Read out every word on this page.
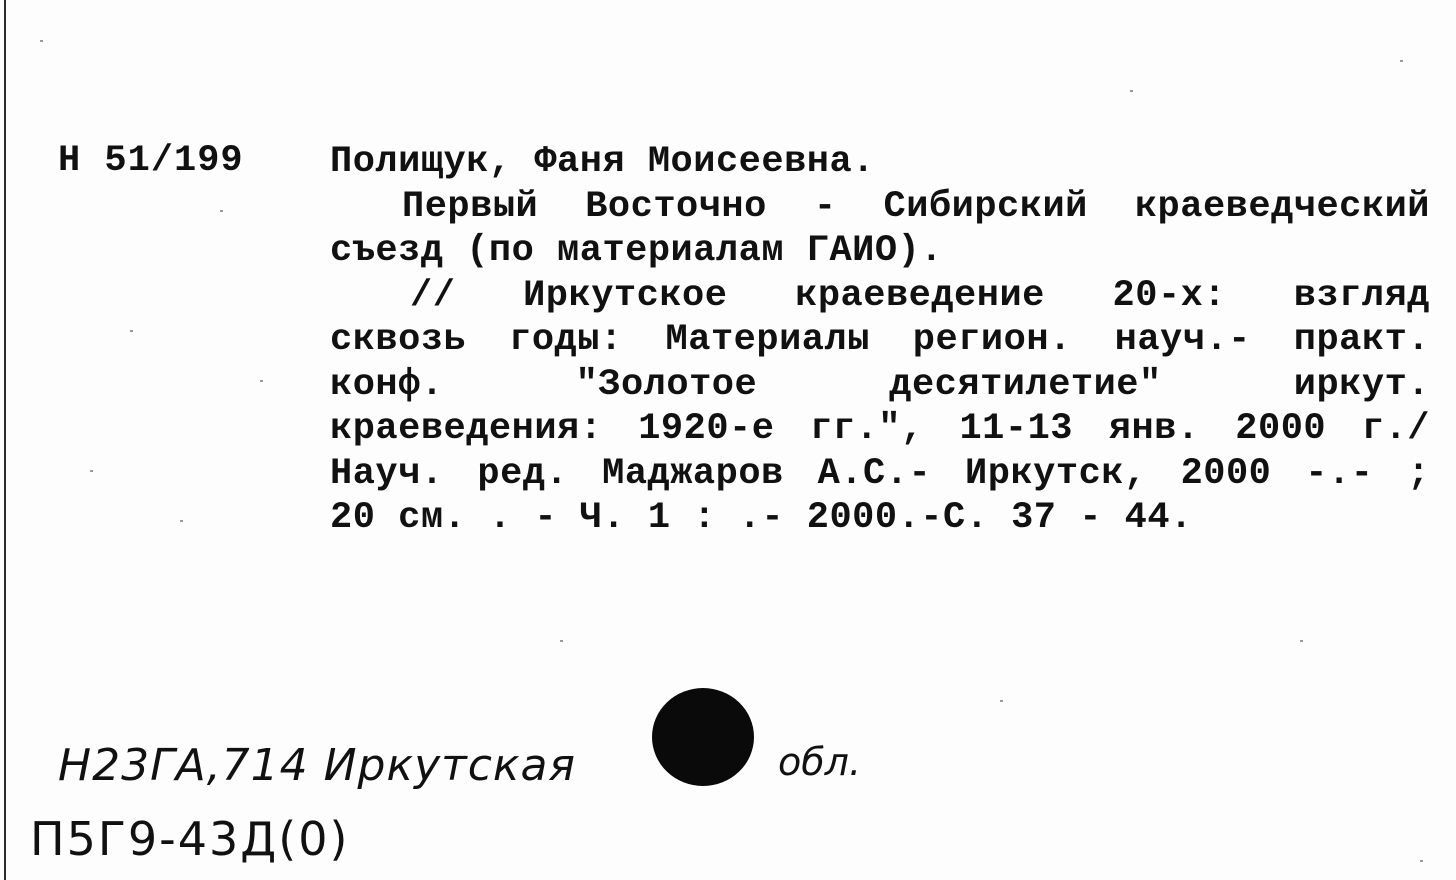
Н 51/199 Полищук, Фаня Моисеевна.
Первый Восточно - Сибирский краеведческий
съезд (по материалам ГАИО).
// Иркутское краеведение 20-х: взгляд
сквозь годы: Материалы регион. науч.- практ.
конф. "Золотое десятилетие" иркут.
краеведения: 1920-е гг.", 11-13 янв. 2000 г./
Науч. ред. Маджаров А.С.- Иркутск, 2000 -.- ;
20 см. . - Ч. 1 : .- 2000.-С. 37 - 44.
Н23ГА,714 Иркутская	обл.
П5Г9-43Д(0)
